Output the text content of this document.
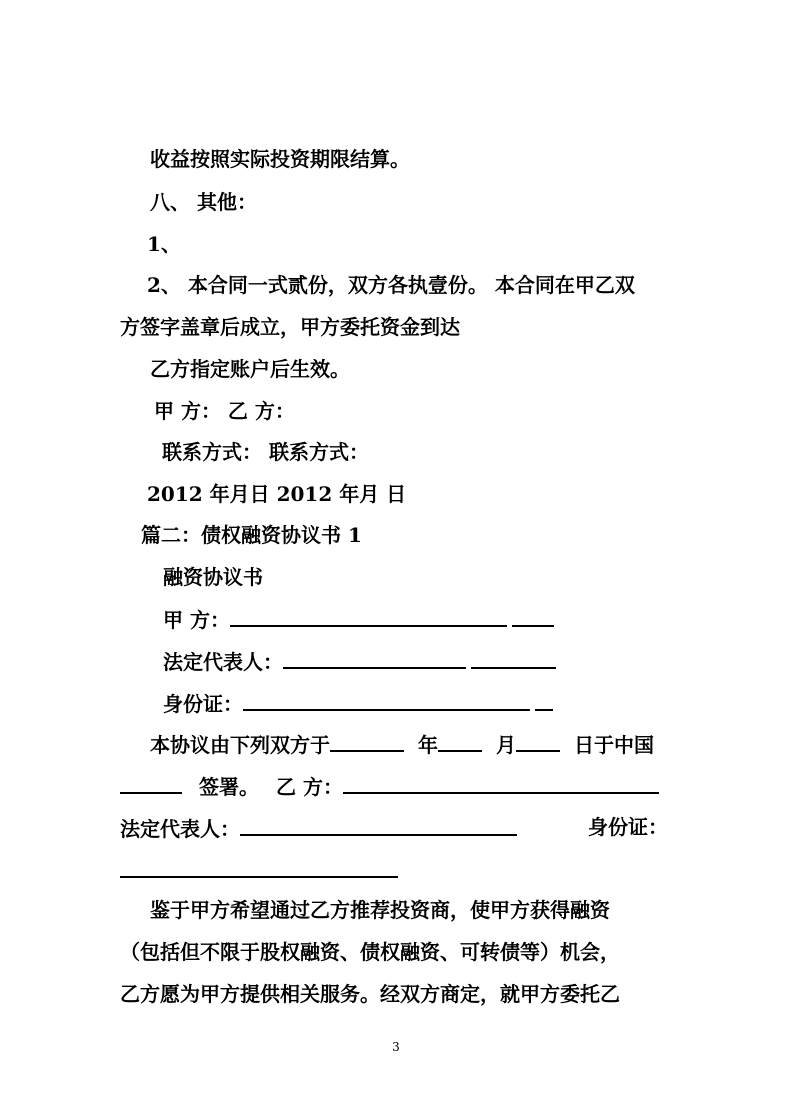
收益按照实际投资期限结算。
八、 其他：
1、
2、 本合同一式贰份，双方各执壹份。 本合同在甲乙双
方签字盖章后成立，甲方委托资金到达
乙方指定账户后生效。
甲 方： 乙 方：
联系方式： 联系方式：
2012 年月日 2012 年月 日
篇二：债权融资协议书 1
融资协议书
甲 方：
法定代表人：
身份证：
本协议由下列双方于	年	月	日于中国
签署。 乙 方：
法定代表人：	身份证：
鉴于甲方希望通过乙方推荐投资商，使甲方获得融资
（包括但不限于股权融资、债权融资、可转债等）机会，
乙方愿为甲方提供相关服务。经双方商定，就甲方委托乙
3
